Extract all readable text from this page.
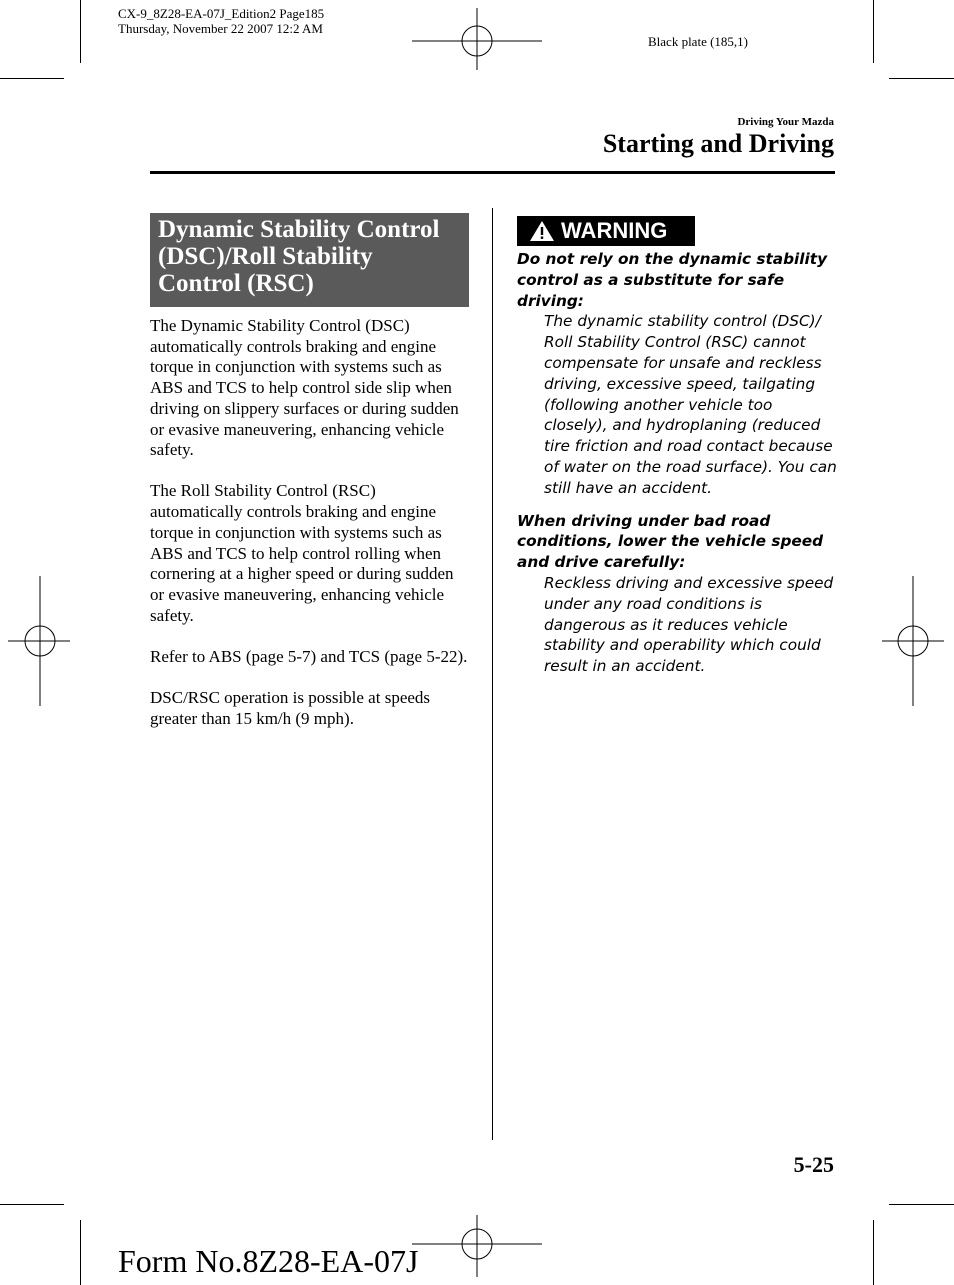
CX-9_8Z28-EA-07J_Edition2 Page185
Thursday, November 22 2007 12:2 AM
Black plate (185,1)
Driving Your Mazda
Starting and Driving
Dynamic Stability Control (DSC)/Roll Stability Control (RSC)

The Dynamic Stability Control (DSC) automatically controls braking and engine torque in conjunction with systems such as ABS and TCS to help control side slip when driving on slippery surfaces or during sudden or evasive maneuvering, enhancing vehicle safety.

The Roll Stability Control (RSC) automatically controls braking and engine torque in conjunction with systems such as ABS and TCS to help control rolling when cornering at a higher speed or during sudden or evasive maneuvering, enhancing vehicle safety.

Refer to ABS (page 5-7) and TCS (page 5-22).

DSC/RSC operation is possible at speeds greater than 15 km/h (9 mph).

WARNING

Do not rely on the dynamic stability control as a substitute for safe driving:

The dynamic stability control (DSC)/ Roll Stability Control (RSC) cannot compensate for unsafe and reckless driving, excessive speed, tailgating (following another vehicle too closely), and hydroplaning (reduced tire friction and road contact because of water on the road surface). You can still have an accident.

When driving under bad road conditions, lower the vehicle speed and drive carefully:

Reckless driving and excessive speed under any road conditions is dangerous as it reduces vehicle stability and operability which could result in an accident.

5-25
Form No.8Z28-EA-07J
